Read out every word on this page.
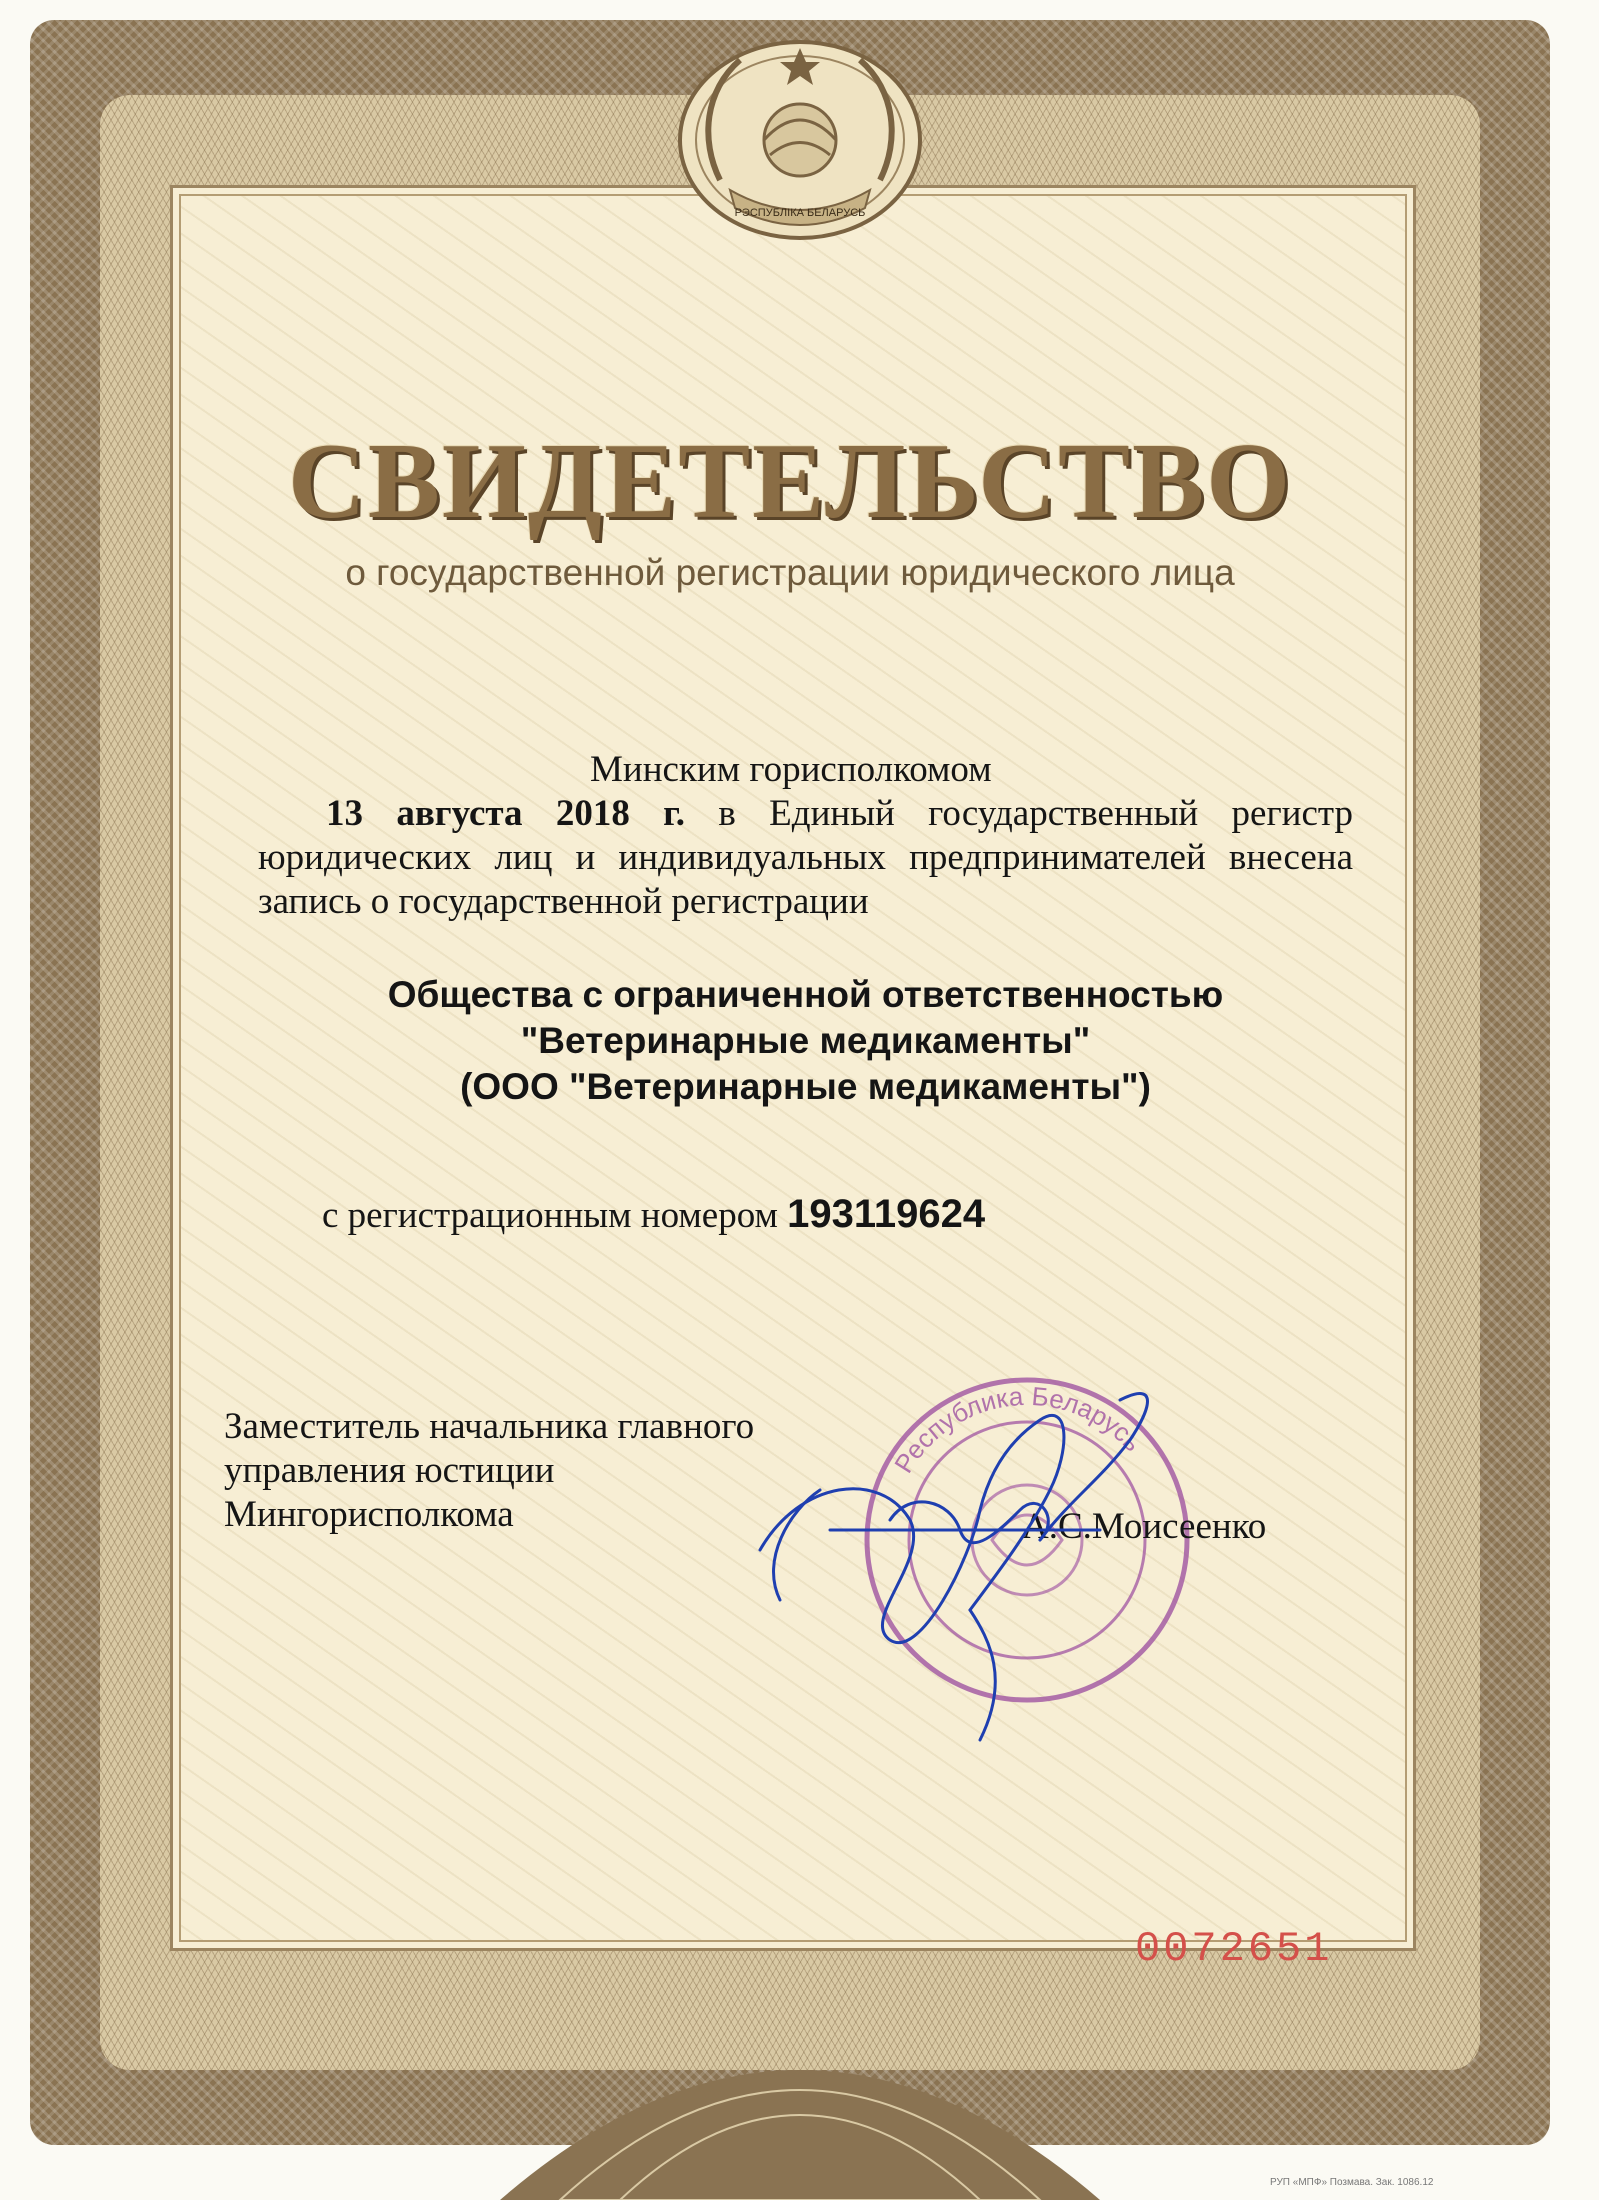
РЭСПУБЛІКА БЕЛАРУСЬ
СВИДЕТЕЛЬСТВО
о государственной регистрации юридического лица
Минским горисполкомом
13 августа 2018 г. в Единый государственный регистр
юридических лиц и индивидуальных предпринимателей внесена
запись о государственной регистрации
Общества с ограниченной ответственностью
"Ветеринарные медикаменты"
(ООО "Ветеринарные медикаменты")
с регистрационным номером 193119624
Заместитель начальника главного
управления юстиции
Мингорисполкома
Республика Беларусь
А.С.Моисеенко
0072651
РУП «МПФ» Позмава. Зак. 1086.12
